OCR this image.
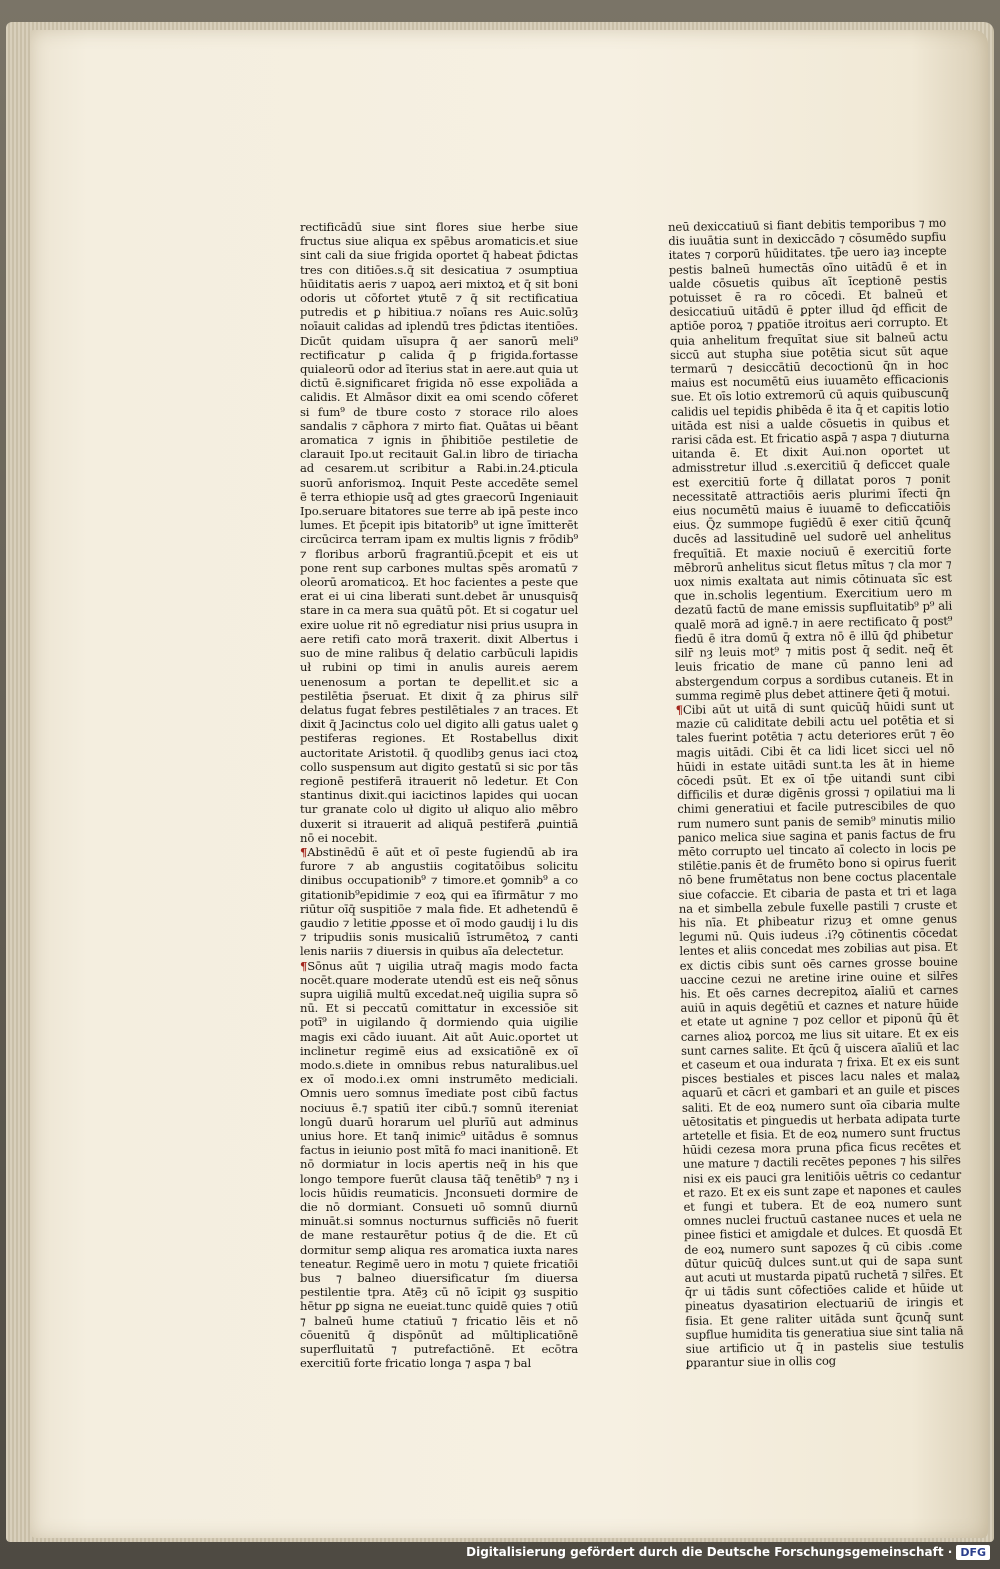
rectificādū siue sint flores siue herbe siue fructus siue aliqua ex spēbus aromaticis.et siue sint cali da siue frigida oportet q̄ habeat p̄dictas tres con ditiōes.s.q̄ sit desicatiua ⁊ ɔsumptiua hūiditatis aeris ⁊ uapoꝝ aeri mixtoꝝ et q̄ sit boni odoris ut cōfortet ꝟtutē ⁊ q̄ sit rectificatiua putredis et ꝑ hibitiua.⁊ noīans res Auic.solūȝ noīauit calidas ad iplendū tres p̄dictas itentiōes. Dicūt quidam uīsupra q̄ aer sanorū meli⁹ rectificatur ꝑ calida q̄ ꝑ frigida.fortasse quialeorū odor ad īterius stat in aere.aut quia ut dictū ē.significaret frigida nō esse expoliāda a calidis. Et Almāsor dixit ea omi scendo cōferet si fum⁹ de tbure costo ⁊ storace rilo aloes sandalis ⁊ cāphora ⁊ mirto fiat. Quātas ui bēant aromatica ⁊ ignis in p̄hibitiōe pestiletie de clarauit Ipo.ut recitauit Gal.in libro de tiriacha ad cesarem.ut scribitur a Rabi.in.24.ꝑticula suorū anforismoꝝ. Inquit Peste accedēte semel ē terra ethiopie usq̄ ad gtes graecorū Ingeniauit Ipo.seruare bitatores sue terre ab ipā peste inco lumes. Et p̄cepit ipis bitatorib⁹ ut igne īmitterēt circūcirca terram ipam ex multis lignis ⁊ frōdib⁹ ⁊ floribus arborū fragrantiū.p̄cepit et eis ut pone rent sup carbones multas spēs aromatū ⁊ oleorū aromaticoꝝ. Et hoc facientes a peste que erat ei ui cina liberati sunt.debet ār unusquisq̄ stare in ca mera sua quātū pōt. Et si cogatur uel exire uolue rit nō egrediatur nisi prius usupra in aere retifi cato morā traxerit. dixit Albertus i suo de mine ralibus q̄ delatio carbūculi lapidis uł rubini op timi in anulis aureis aerem uenenosum a portan te depellit.et sic a pestilētia p̄seruat. Et dixit q̄ za ꝑhirus silr̄ delatus fugat febres pestilētiales ⁊ an traces. Et dixit q̄ Jacinctus colo uel digito alli gatus ualet ꝯ pestiferas regiones. Et Rostabellus dixit auctoritate Aristotiƚ. q̄ quodlibȝ genus iaci ctoꝝ collo suspensum aut digito gestatū si sic por tās regionē pestiferā itrauerit nō ledetur. Et Con stantinus dixit.qui iacictinos lapides qui uocan tur granate colo uł digito uł aliquo alio mēbro duxerit si itrauerit ad aliquā pestiferā ꝓuintiā nō ei nocebit.

¶Abstinēdū ē aūt et oī peste fugiendū ab ira furore ⁊ ab angustiis cogitatōibus solicitu dinibus occupationib⁹ ⁊ timore.et ꝯomnib⁹ a co gitationib⁹epidimie ⁊ eoꝝ qui ea īfirmātur ⁊ mo riūtur oīq̄ suspitiōe ⁊ mala fide. Et adhetendū ē gaudio ⁊ letitie ꝓposse et oī modo gaudij i lu dis ⁊ tripudiis sonis musicaliū īstrumētoꝝ ⁊ canti lenis nariis ⁊ diuersis in quibus aīa delectetur.

¶Sōnus aūt ⁊ uigilia utraq̄ magis modo facta nocēt.quare moderate utendū est eis neq̄ sōnus supra uigiliā multū excedat.neq̄ uigilia supra sō nū. Et si peccatū comittatur in excessiōe sit potī⁹ in uigilando q̄ dormiendo quia uigilie magis exi cādo iuuant. Ait aūt Auic.oportet ut inclinetur regimē eius ad exsicatiōnē ex oī modo.s.diete in omnibus rebus naturalibus.uel ex oī modo.i.ex omni instrumēto mediciali. Omnis uero somnus īmediate post cibū factus nociuus ē.⁊ spatiū iter cibū.⁊ somnū itereniat longū duarū horarum uel plurīū aut adminus unius hore. Et tanq̄ inimic⁹ uitādus ē somnus factus in ieiunio post mītā fo maci inanitionē. Et nō dormiatur in locis apertis neq̄ in his que longo tempore fuerūt clausa tāq̄ tenētib⁹ ⁊ nȝ i locis hūidis reumaticis. Jnconsueti dormire de die nō dormiant. Consueti uō somnū diurnū minuāt.si somnus nocturnus sufficiēs nō fuerit de mane restaurētur potius q̄ de die. Et cū dormitur semꝑ aliqua res aromatica iuxta nares teneatur. Regimē uero in motu ⁊ quiete fricatiōi bus ⁊ balneo diuersificatur ſm diuersa pestilentie tpra. Atē̄ȝ cū nō īcipit ꝯȝ suspitio hētur ꝑꝑ signa ne eueiat.tunc quidē quies ⁊ otiū ⁊ balneū hume ctatiuū ⁊ fricatio lēis et nō cōuenitū q̄ dispōnūt ad mūltiplicatiōnē superfluitatū ⁊ putrefactiōnē. Et ecōtra exercitiū forte fricatio longa ⁊ asꝑa ⁊ bal

neū dexiccatiuū si fiant debitis temporibus ⁊ mo dis iuuātia sunt in dexiccādo ⁊ cōsumēdo supfiu itates ⁊ corporū hūiditates. tp̄e uero iaȝ incepte pestis balneū humectās oīno uitādū ē et in ualde cōsuetis quibus aīt īceptionē pestis potuisset ē ra ro cōcedi. Et balneū et desiccatiuū uitādū ē ꝑpter illud q̄d efficit de aptiōe poroꝝ ⁊ ꝑpatiōe itroitus aeri corrupto. Et quia anhelitum frequītat siue sit balneū actu siccū aut stupha siue potētia sicut sūt aque termarū ⁊ desiccātiū decoctionū q̄n in hoc maius est nocumētū eius iuuamēto efficacionis sue. Et oīs lotio extremorū cū aquis quibuscunq̄ calidis uel tepidis ꝑhibēda ē ita q̄ et capitis lotio uitāda est nisi a ualde cōsuetis in quibus et rarisi cāda est. Et fricatio asꝑā ⁊ aspa ⁊ diuturna uitanda ē. Et dixit Aui.non oportet ut admisstretur illud .s.exercitiū q̄ deficcet quale est exercitiū forte q̄ dillatat poros ⁊ ponit necessitatē attractiōis aeris plurimi īfecti q̄n eius nocumētū maius ē iuuamē to deficcatiōis eius. Q̄z summope fugiēdū ē exer citiū q̄cunq̄ ducēs ad lassitudinē uel sudorē uel anhelitus frequītiā. Et maxie nociuū ē exercitiū forte mēbrorū anhelitus sicut fletus mītus ⁊ cla mor ⁊ uox nimis exaltata aut nimis cōtinuata sīc est que in.scholis legentium. Exercitium uero m dezatū factū de mane emissis supfluitatib⁹ p⁹ ali qualē morā ad ignē.⁊ in aere rectificato q̄ post⁹ fiedū ē itra domū q̄ extra nō ē illū q̄d ꝑhibetur silr̄ nȝ leuis mot⁹ ⁊ mitis post q̄ sedit. neq̄ ēt leuis fricatio de mane cū panno leni ad abstergendum corpus a sordibus cutaneis. Et in summa regimē plus debet attinere q̄eti q̄ motui.

¶Cibi aūt ut uitā di sunt quicūq̄ hūidi sunt ut mazie cū caliditate debili actu uel potētia et si tales fuerint potētia ⁊ actu deteriores erūt ⁊ ēo magis uitādi. Cibi ēt ca lidi licet sicci uel nō hūidi in estate uitādi sunt.ta les āt in hieme cōcedi psūt. Et ex oī tp̄e uitandi sunt cibi difficilis et duræ digēnis grossi ⁊ opilatiui ma li chimi generatiui et facile putrescibiles de quo rum numero sunt panis de semib⁹ minutis milio panico melica siue sagina et panis factus de fru mēto corrupto uel tincato aī colecto in locis pe stilētie.panis ēt de frumēto bono si opirus fuerit nō bene frumētatus non bene coctus placentale siue cofaccie. Et cibaria de pasta et tri et laga na et simbella zebule fuxelle pastili ⁊ cruste et his nīa. Et ꝑhibeatur rizuȝ et omne genus legumi nū. Quis iudeus .i?ꝯ cōtinentis cōcedat lentes et aliis concedat mes zobilias aut pisa. Et ex dictis cibis sunt oēs carnes grosse bouine uaccine cezui ne aretine irine ouine et silr̄es his. Et oēs carnes decrepitoꝝ aīaliū et carnes auiū in aquis degētiū et caznes et nature hūide et etate ut agnine ⁊ poz cellor et piponū q̄ū ēt carnes alioꝝ porcoꝝ me lius sit uitare. Et ex eis sunt carnes salite. Et q̄cū q̄ uiscera aīaliū et lac et caseum et oua indurata ⁊ frixa. Et ex eis sunt pisces bestiales et pisces lacu nales et malaꝝ aquarū et cācri et gambari et an guile et pisces saliti. Et de eoꝝ numero sunt oīa cibaria multe uētositatis et pinguedis ut herbata adipata turte artetelle et fisia. Et de eoꝝ numero sunt fructus hūidi cezesa mora pruna pfica ficus recētes et une mature ⁊ dactili recētes pepones ⁊ his silr̄es nisi ex eis pauci gra lenitiōis uētris co cedantur et razo. Et ex eis sunt zape et napones et caules et fungi et tubera. Et de eoꝝ numero sunt omnes nuclei fructuū castanee nuces et uela ne pinee fistici et amigdale et dulces. Et quosdā Et de eoꝝ numero sunt sapozes q̄ cū cibis .come dūtur quicūq̄ dulces sunt.ut qui de sapa sunt aut acuti ut mustarda pipatū ruchetā ⁊ silr̄es. Et q̄r ui tādis sunt cōfectiōes calide et hūide ut pineatus dyasatirion electuariū de iringis et fisia. Et gene raliter uitāda sunt q̄cunq̄ sunt supflue humidita tis generatiua siue sint talia nā siue artificio ut q̄ in pastelis siue testulis ꝑparantur siue in ollis cog

Digitalisierung gefördert durch die Deutsche Forschungsgemeinschaft · DFG
